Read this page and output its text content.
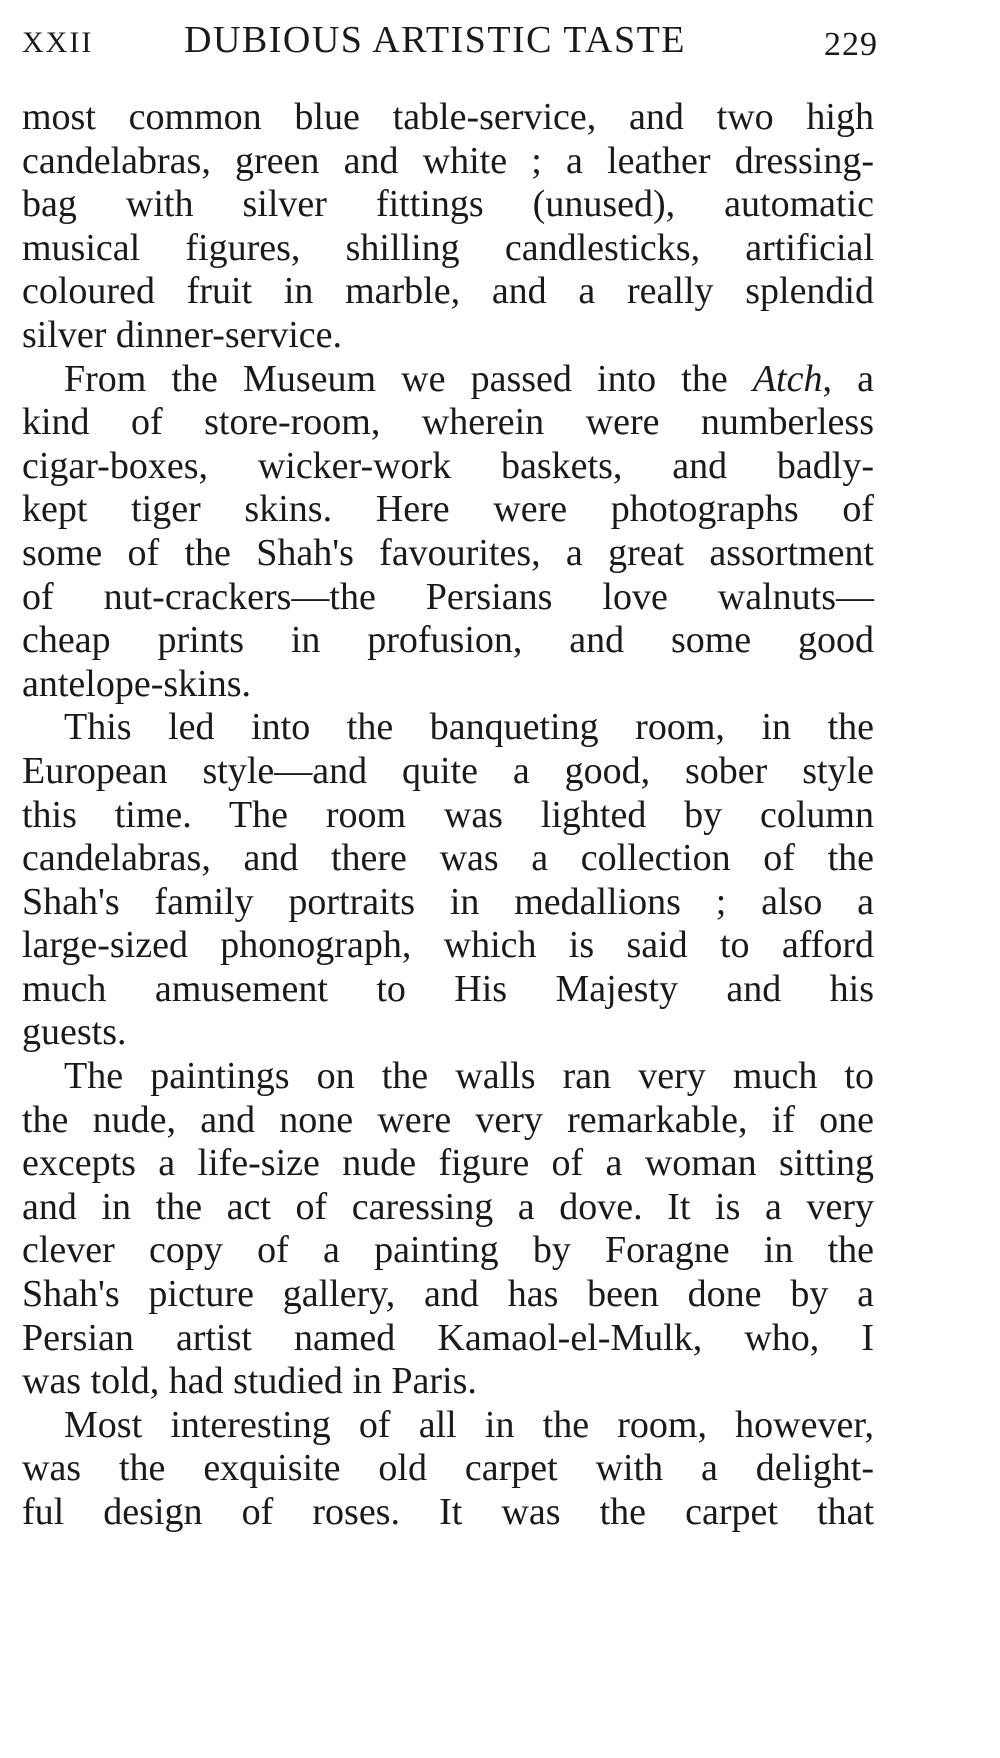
XXII DUBIOUS ARTISTIC TASTE	229
most common blue table-service, and two high
candelabras, green and white ; a leather dressing-
bag with silver fittings (unused), automatic
musical figures, shilling candlesticks, artificial
coloured fruit in marble, and a really splendid
silver dinner-service.
From the Museum we passed into the Atch, a
kind of store-room, wherein were numberless
cigar-boxes, wicker-work baskets, and badly-
kept tiger skins. Here were photographs of
some of the Shah's favourites, a great assortment
of nut-crackers—the Persians love walnuts—
cheap prints in profusion, and some good
antelope-skins.
This led into the banqueting room, in the
European style—and quite a good, sober style
this time. The room was lighted by column
candelabras, and there was a collection of the
Shah's family portraits in medallions ; also a
large-sized phonograph, which is said to afford
much amusement to His Majesty and his
guests.
The paintings on the walls ran very much to
the nude, and none were very remarkable, if one
excepts a life-size nude figure of a woman sitting
and in the act of caressing a dove. It is a very
clever copy of a painting by Foragne in the
Shah's picture gallery, and has been done by a
Persian artist named Kamaol-el-Mulk, who, I
was told, had studied in Paris.
Most interesting of all in the room, however,
was the exquisite old carpet with a delight-
ful design of roses. It was the carpet that
